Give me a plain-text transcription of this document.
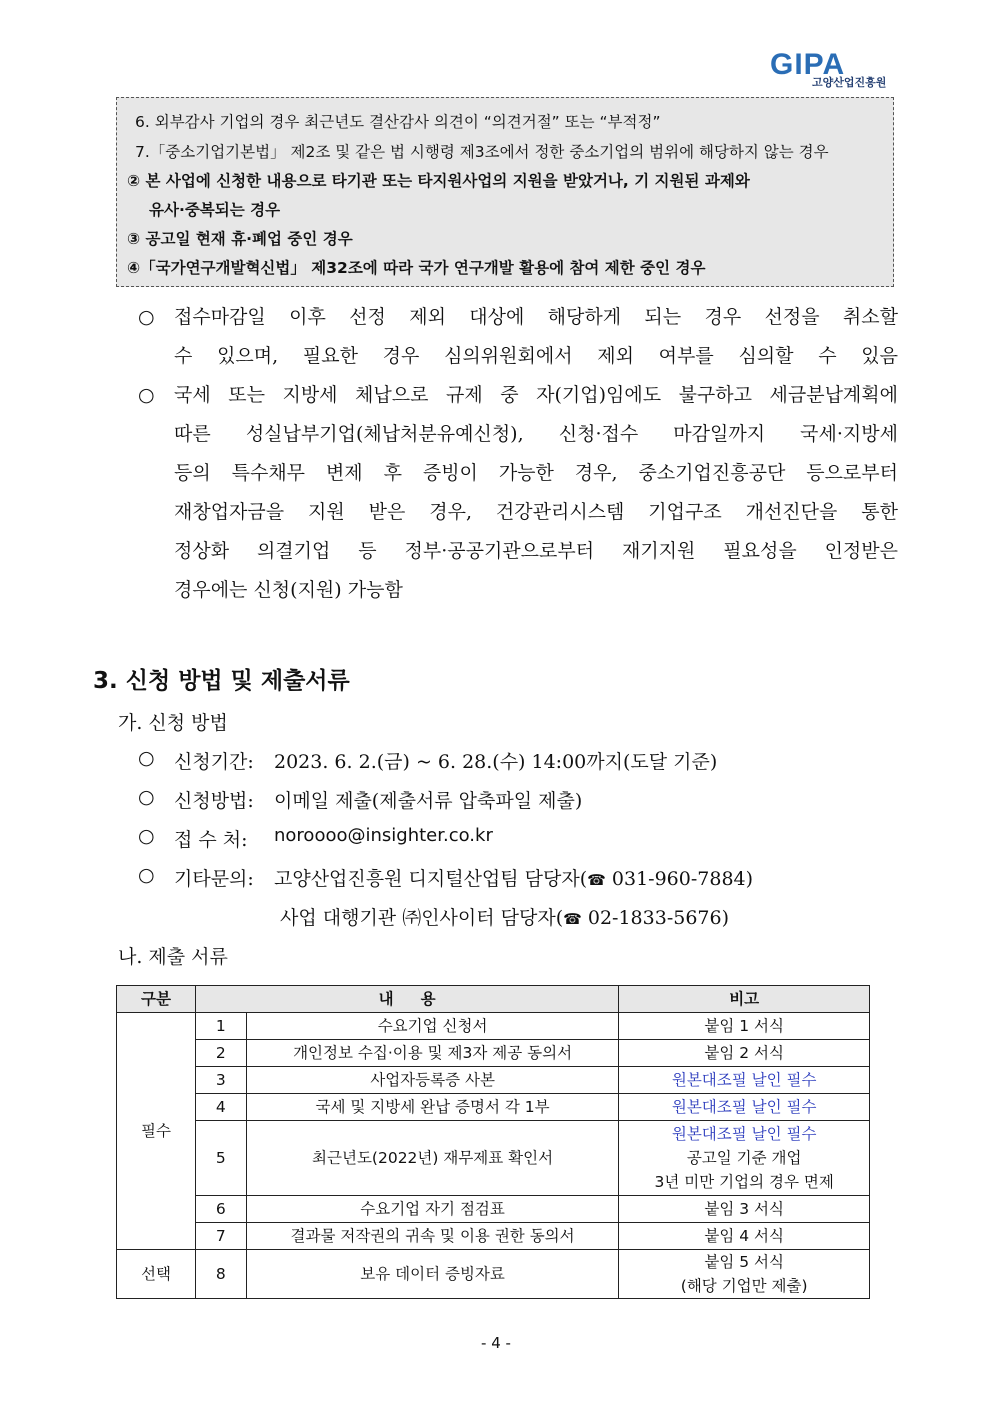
GIPA
고양산업진흥원
6. 외부감사 기업의 경우 최근년도 결산감사 의견이 “의견거절” 또는 “부적정”
7.「중소기업기본법」 제2조 및 같은 법 시행령 제3조에서 정한 중소기업의 범위에 해당하지 않는 경우
② 본 사업에 신청한 내용으로 타기관 또는 타지원사업의 지원을 받았거나, 기 지원된 과제와
유사·중복되는 경우
③ 공고일 현재 휴·폐업 중인 경우
④「국가연구개발혁신법」 제32조에 따라 국가 연구개발 활용에 참여 제한 중인 경우
○ 접수마감일 이후 선정 제외 대상에 해당하게 되는 경우 선정을 취소할
수 있으며, 필요한 경우 심의위원회에서 제외 여부를 심의할 수 있음
○ 국세 또는 지방세 체납으로 규제 중 자(기업)임에도 불구하고 세금분납계획에
따른 성실납부기업(체납처분유예신청), 신청·접수 마감일까지 국세·지방세
등의 특수채무 변제 후 증빙이 가능한 경우, 중소기업진흥공단 등으로부터
재창업자금을 지원 받은 경우, 건강관리시스템 기업구조 개선진단을 통한
정상화 의결기업 등 정부·공공기관으로부터 재기지원 필요성을 인정받은
경우에는 신청(지원) 가능함
3. 신청 방법 및 제출서류
가. 신청 방법
○ 신청기간: 2023. 6. 2.(금) ~ 6. 28.(수) 14:00까지(도달 기준)
○ 신청방법: 이메일 제출(제출서류 압축파일 제출)
○ 접 수 처: noroooo@insighter.co.kr
○ 기타문의: 고양산업진흥원 디지털산업팀 담당자(☎ 031-960-7884)
사업 대행기관 ㈜인사이터 담당자(☎ 02-1833-5676)
나. 제출 서류
구분	내     용		비고
필수	1	수요기업 신청서	붙임 1 서식
	2	개인정보 수집·이용 및 제3자 제공 동의서	붙임 2 서식
	3	사업자등록증 사본	원본대조필 날인 필수
	4	국세 및 지방세 완납 증명서 각 1부	원본대조필 날인 필수
	5	최근년도(2022년) 재무제표 확인서	원본대조필 날인 필수
공고일 기준 개업
3년 미만 기업의 경우 면제

	6	수요기업 자기 점검표	붙임 3 서식
	7	결과물 저작권의 귀속 및 이용 권한 동의서	붙임 4 서식
선택	8	보유 데이터 증빙자료	붙임 5 서식
(해당 기업만 제출)
- 4 -
